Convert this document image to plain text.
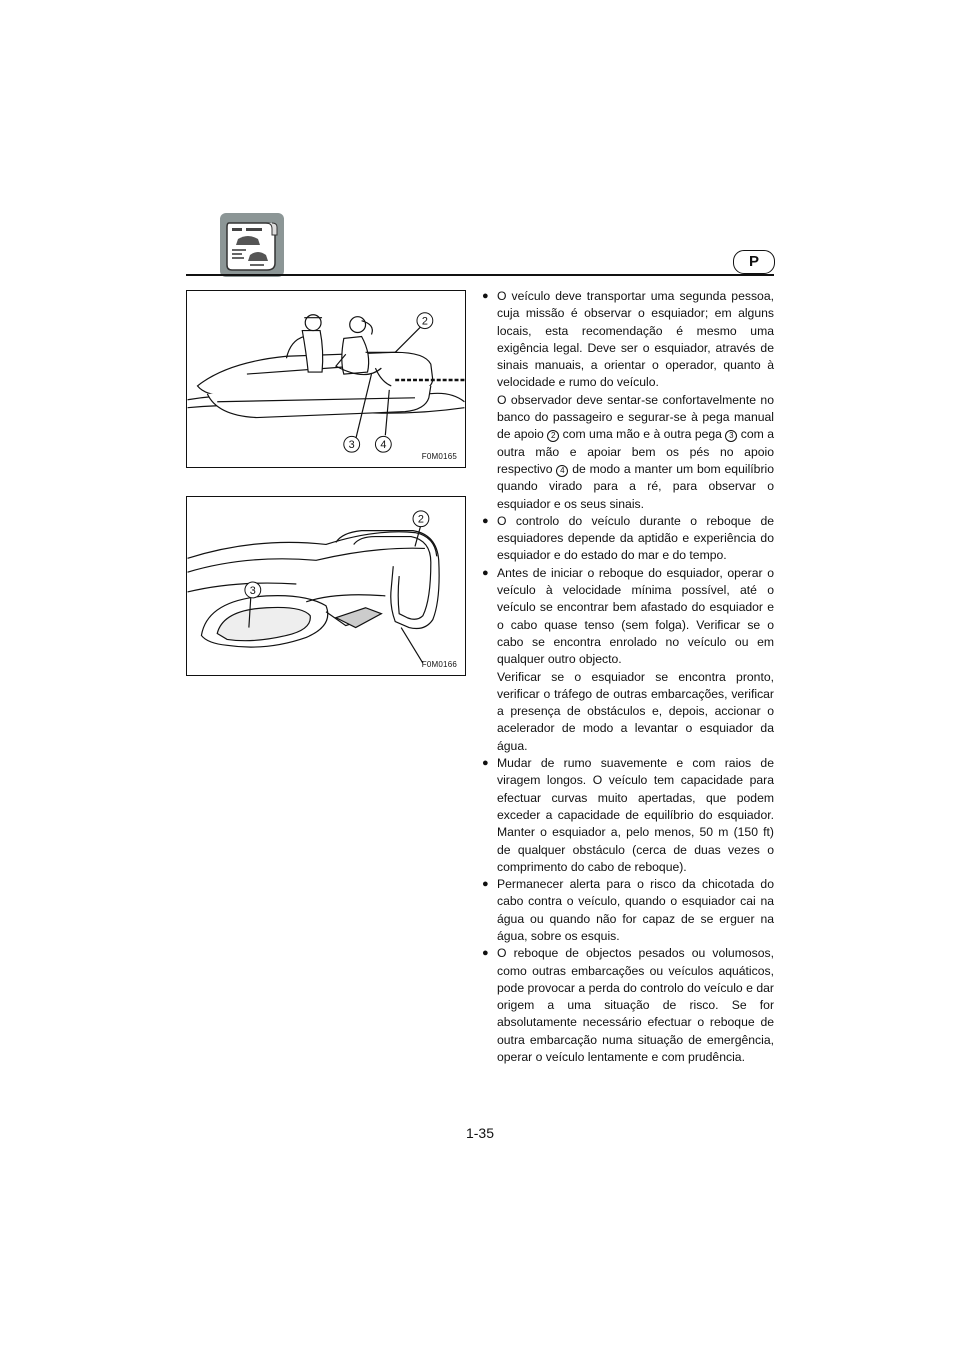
P
2
3 4
F0M0165
2
3
F0M0166
● O veículo deve transportar uma segunda pessoa, cuja missão é observar o esquiador; em alguns locais, esta recomendação é mesmo uma exigência legal. Deve ser o esquiador, através de sinais manuais, a orientar o operador, quanto à velocidade e rumo do veículo.

O observador deve sentar-se confortavelmente no banco do passageiro e segurar-se à pega manual de apoio 2 com uma mão e à outra pega 3 com a outra mão e apoiar bem os pés no apoio respectivo 4 de modo a manter um bom equilíbrio quando virado para a ré, para observar o esquiador e os seus sinais.

● O controlo do veículo durante o reboque de esquiadores depende da aptidão e experiência do esquiador e do estado do mar e do tempo.

● Antes de iniciar o reboque do esquiador, operar o veículo à velocidade mínima possível, até o veículo se encontrar bem afastado do esquiador e o cabo quase tenso (sem folga). Verificar se o cabo se encontra enrolado no veículo ou em qualquer outro objecto.

Verificar se o esquiador se encontra pronto, verificar o tráfego de outras embarcações, verificar a presença de obstáculos e, depois, accionar o acelerador de modo a levantar o esquiador da água.

● Mudar de rumo suavemente e com raios de viragem longos. O veículo tem capacidade para efectuar curvas muito apertadas, que podem exceder a capacidade de equilíbrio do esquiador. Manter o esquiador a, pelo menos, 50 m (150 ft) de qualquer obstáculo (cerca de duas vezes o comprimento do cabo de reboque).

● Permanecer alerta para o risco da chicotada do cabo contra o veículo, quando o esquiador cai na água ou quando não for capaz de se erguer na água, sobre os esquis.

● O reboque de objectos pesados ou volumosos, como outras embarcações ou veículos aquáticos, pode provocar a perda do controlo do veículo e dar origem a uma situação de risco. Se for absolutamente necessário efectuar o reboque de outra embarcação numa situação de emergência, operar o veículo lentamente e com prudência.

1-35
